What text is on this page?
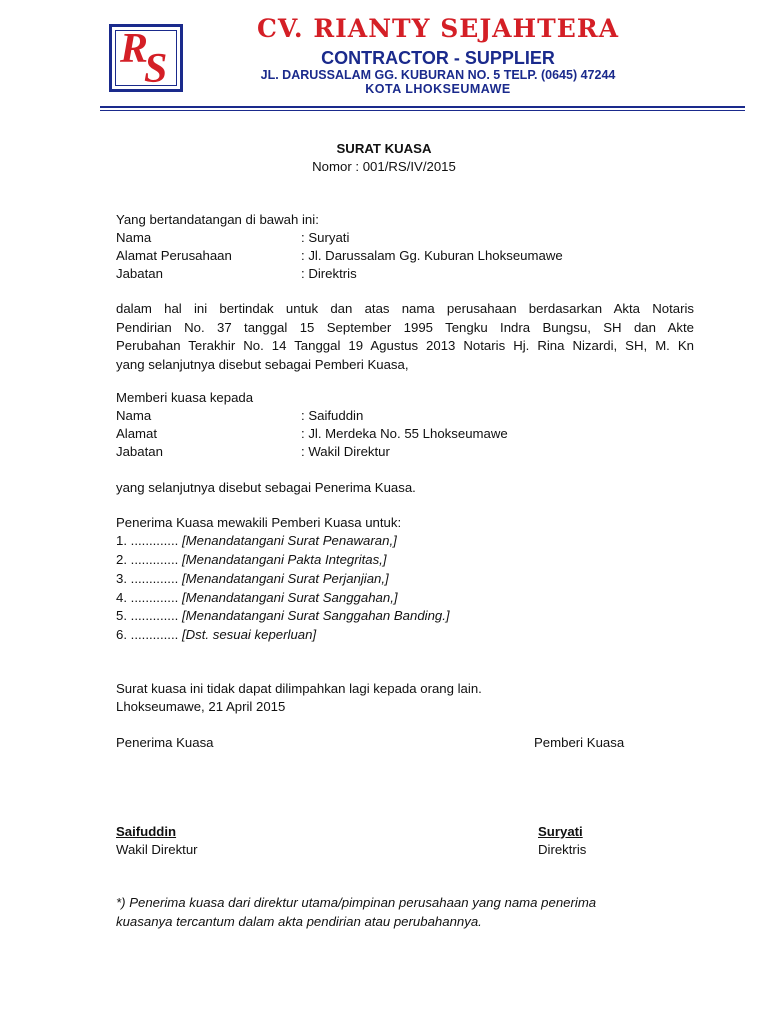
R
S
CV. RIANTY SEJAHTERA
CONTRACTOR - SUPPLIER
JL. DARUSSALAM GG. KUBURAN NO. 5 TELP. (0645) 47244
KOTA LHOKSEUMAWE
SURAT KUASA
Nomor : 001/RS/IV/2015
Yang bertandatangan di bawah ini:
Nama	: Suryati
Alamat Perusahaan	: Jl. Darussalam Gg. Kuburan Lhokseumawe
Jabatan	: Direktris
dalam hal ini bertindak untuk dan atas nama perusahaan berdasarkan Akta Notaris
Pendirian No. 37 tanggal 15 September 1995 Tengku Indra Bungsu, SH dan Akte
Perubahan Terakhir No. 14 Tanggal 19 Agustus 2013 Notaris Hj. Rina Nizardi, SH, M. Kn
yang selanjutnya disebut sebagai Pemberi Kuasa,
Memberi kuasa kepada
Nama	: Saifuddin
Alamat	: Jl. Merdeka No. 55 Lhokseumawe
Jabatan	: Wakil Direktur
yang selanjutnya disebut sebagai Penerima Kuasa.
Penerima Kuasa mewakili Pemberi Kuasa untuk:
1. ............. [Menandatangani Surat Penawaran,]
2. ............. [Menandatangani Pakta Integritas,]
3. ............. [Menandatangani Surat Perjanjian,]
4. ............. [Menandatangani Surat Sanggahan,]
5. ............. [Menandatangani Surat Sanggahan Banding.]
6. ............. [Dst. sesuai keperluan]
Surat kuasa ini tidak dapat dilimpahkan lagi kepada orang lain.
Lhokseumawe, 21 April 2015
Penerima Kuasa	Pemberi Kuasa
Saifuddin	Suryati
Wakil Direktur	Direktris
*) Penerima kuasa dari direktur utama/pimpinan perusahaan yang nama penerima
kuasanya tercantum dalam akta pendirian atau perubahannya.
